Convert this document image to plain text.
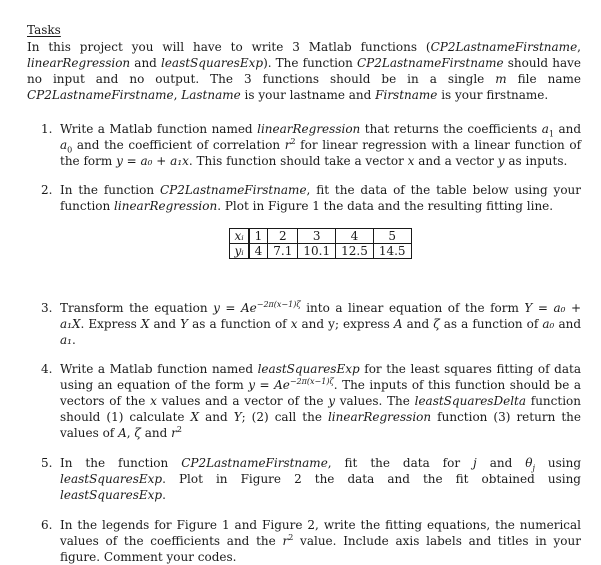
Tasks

In this project you will have to write 3 Matlab functions (CP2LastnameFirstname, linearRegression and leastSquaresExp). The function CP2LastnameFirstname should have no input and no output. The 3 functions should be in a single m file name CP2LastnameFirstname, Lastname is your lastname and Firstname is your firstname.

1. Write a Matlab function named linearRegression that returns the coefficients $a_1$ and $a_0$ and the coefficient of correlation $r^2$ for linear regression with a linear function of the form y = a₀ + a₁x. This function should take a vector x and a vector y as inputs.
2. In the function CP2LastnameFirstname, fit the data of the table below using your function linearRegression. Plot in Figure 1 the data and the resulting fitting line.
xᵢ	1	2	3	4	5
yᵢ	4	7.1	10.1	12.5	14.5
3. Transform the equation $y = Ae^{-2\pi(x-1)\zeta}$ into a linear equation of the form Y = a₀ + a₁X. Express X and Y as a function of x and y; express A and ζ as a function of a₀ and a₁.
4. Write a Matlab function named leastSquaresExp for the least squares fitting of data using an equation of the form $y = Ae^{-2\pi(x-1)\zeta}$. The inputs of this function should be a vectors of the x values and a vector of the y values. The leastSquaresDelta function should (1) calculate X and Y; (2) call the linearRegression function (3) return the values of A, ζ and $r^2$
5. In the function CP2LastnameFirstname, fit the data for j and $\theta_j$ using leastSquaresExp. Plot in Figure 2 the data and the fit obtained using leastSquaresExp.
6. In the legends for Figure 1 and Figure 2, write the fitting equations, the numerical values of the coefficients and the $r^2$ value. Include axis labels and titles in your figure. Comment your codes.
